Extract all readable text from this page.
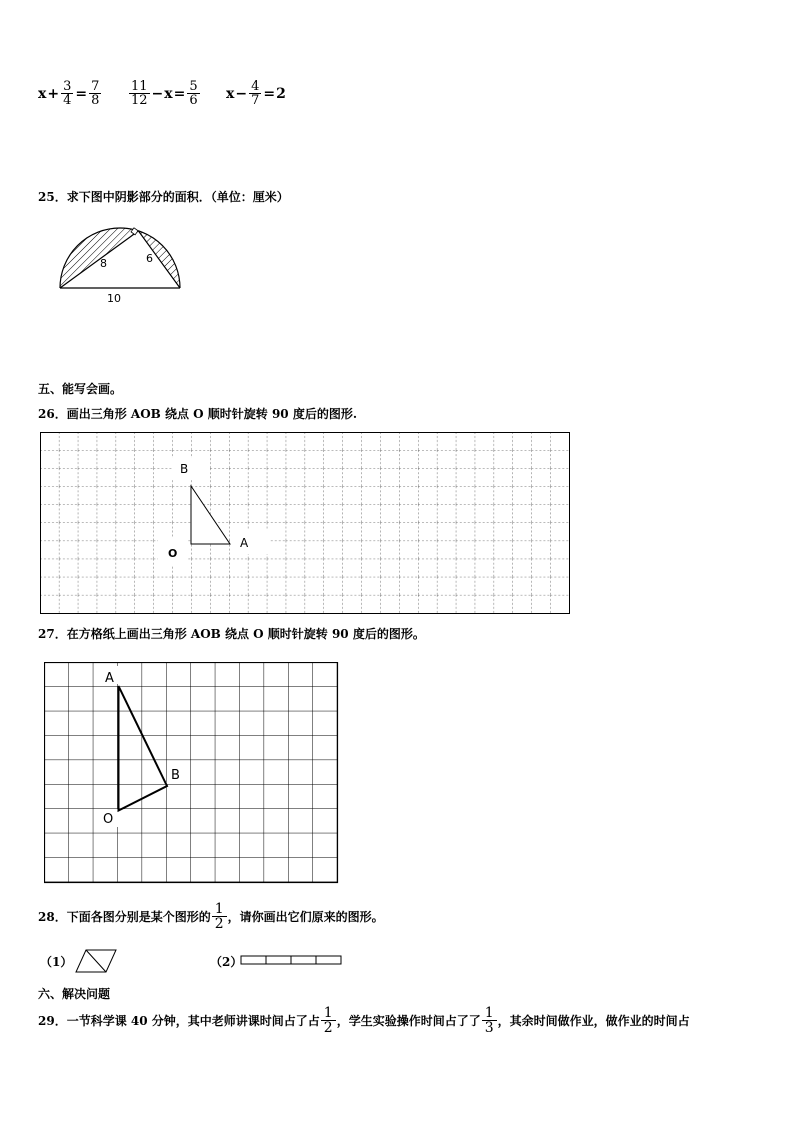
$x + \frac{3}{4} = \frac{7}{8} \frac{11}{12} - x = \frac{5}{6}$ $x - \frac{4}{7} = 2$
25．求下图中阴影部分的面积．（单位：厘米）
8	6
10
五、能写会画。
26．画出三角形 AOB 绕点 O 顺时针旋转 90 度后的图形.
B
A
O
27．在方格纸上画出三角形 AOB 绕点 O 顺时针旋转 90 度后的图形。
A
B
O
28．下面各图分别是某个图形的 $\frac{1}{2}$ ，请你画出它们原来的图形。
（1）	（2）
六、解决问题
29．一节科学课 40 分钟，其中老师讲课时间占了占 $\frac{1}{2}$ ，学生实验操作时间占了了 $\frac{1}{3}$ ，其余时间做作业，做作业的时间占
